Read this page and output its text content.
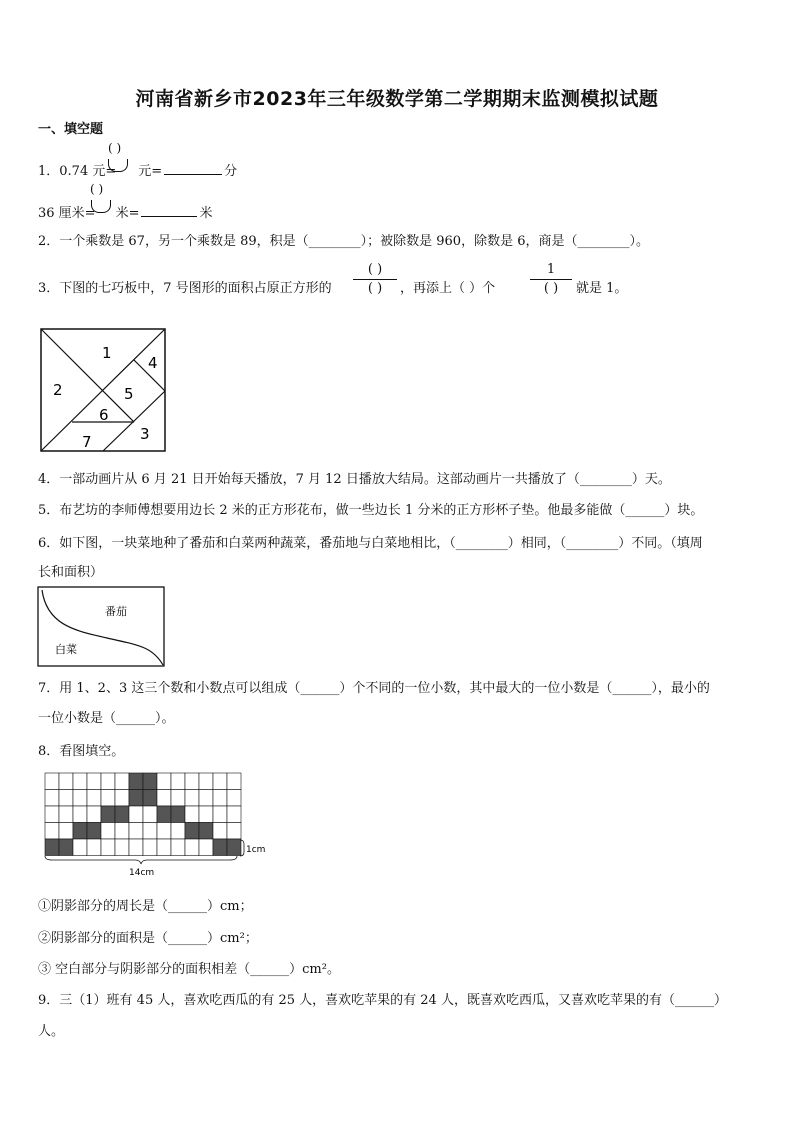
河南省新乡市2023年三年级数学第二学期期末监测模拟试题
一、填空题
1．0.74 元= 元=	分
( )
36 厘米= 米=	米
( )
2．一个乘数是 67，另一个乘数是 89，积是（________）；被除数是 960，除数是 6，商是（________）。
3．下图的七巧板中，7 号图形的面积占原正方形的
( )
( )	，再添上（ ）个
1
( )	就是 1。
1
2
3
4
5
6
7
4．一部动画片从 6 月 21 日开始每天播放，7 月 12 日播放大结局。这部动画片一共播放了（________）天。
5．布艺坊的李师傅想要用边长 2 米的正方形花布，做一些边长 1 分米的正方形杯子垫。他最多能做（______）块。
6．如下图，一块菜地种了番茄和白菜两种蔬菜，番茄地与白菜地相比，（________）相同，（________）不同。（填周
长和面积）
番茄
白菜
7．用 1、2、3 这三个数和小数点可以组成（______）个不同的一位小数，其中最大的一位小数是（______），最小的
一位小数是（______）。
8．看图填空。
14cm
1cm
①阴影部分的周长是（______）cm；
②阴影部分的面积是（______）cm²；
③ 空白部分与阴影部分的面积相差（______）cm²。
9．三（1）班有 45 人，喜欢吃西瓜的有 25 人，喜欢吃苹果的有 24 人，既喜欢吃西瓜，又喜欢吃苹果的有（______）
人。
